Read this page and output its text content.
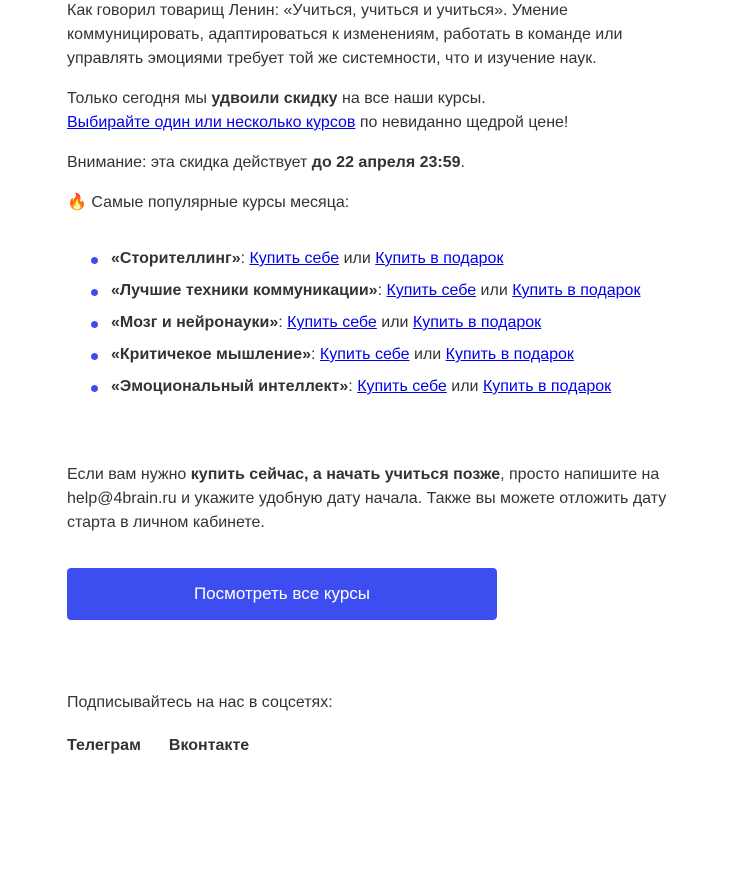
Как говорил товарищ Ленин: «Учиться, учиться и учиться». Умение коммуницировать, адаптироваться к изменениям, работать в команде или управлять эмоциями требует той же системности, что и изучение наук.

Только сегодня мы удвоили скидку на все наши курсы.
Выбирайте один или несколько курсов по невиданно щедрой цене!

Внимание: эта скидка действует до 22 апреля 23:59.

🔥 Самые популярные курсы месяца:

«Сторителлинг»: Купить себе или Купить в подарок
«Лучшие техники коммуникации»: Купить себе или Купить в подарок
«Мозг и нейронауки»: Купить себе или Купить в подарок
«Критичекое мышление»: Купить себе или Купить в подарок
«Эмоциональный интеллект»: Купить себе или Купить в подарок

Если вам нужно купить сейчас, а начать учиться позже, просто напишите на help@4brain.ru и укажите удобную дату начала. Также вы можете отложить дату старта в личном кабинете.

Посмотреть все курсы

Подписывайтесь на нас в соцсетях:

Телеграм Вконтакте
